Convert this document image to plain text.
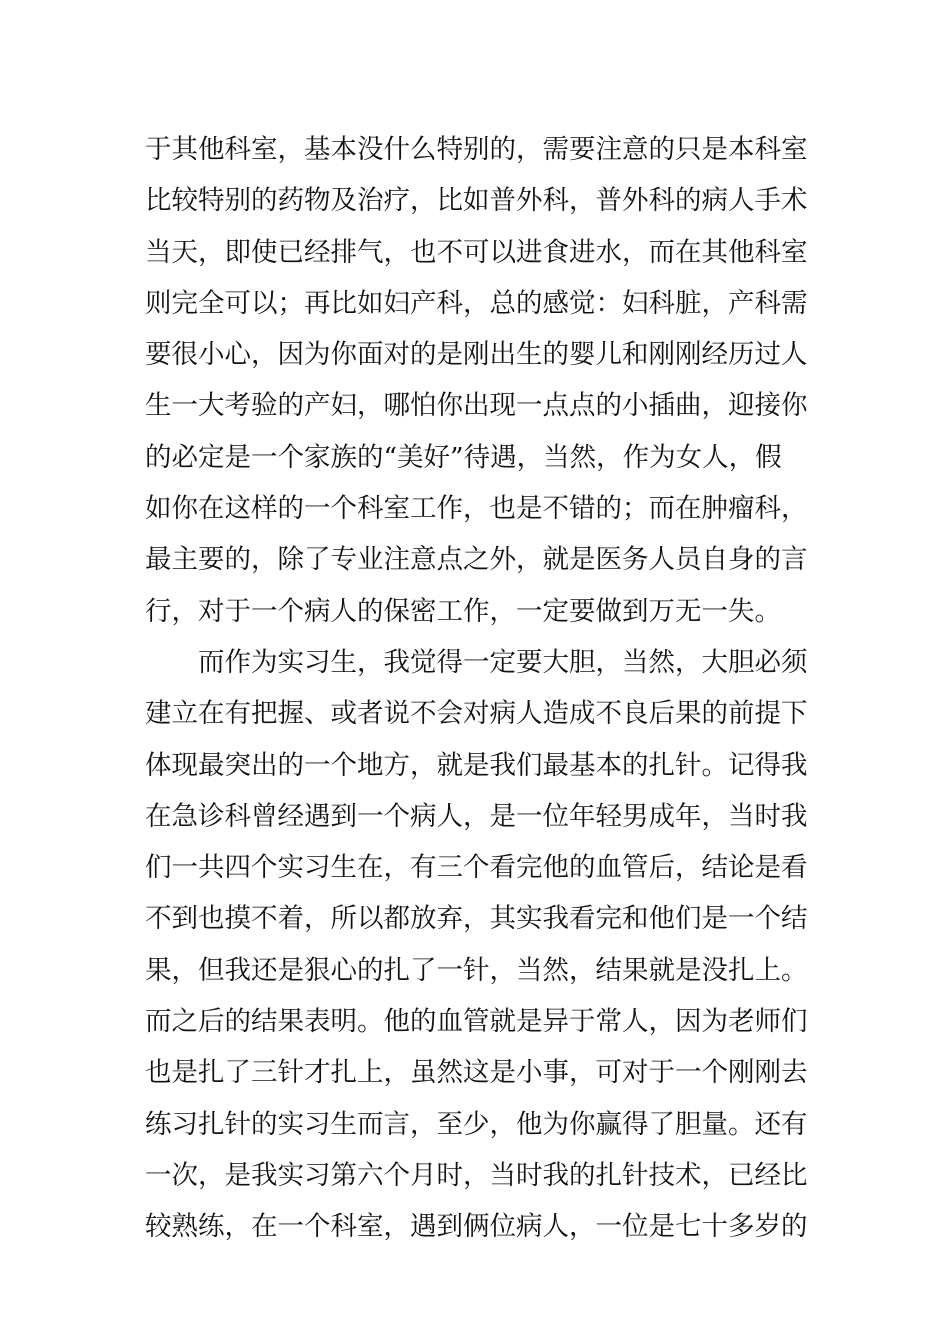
于其他科室，基本没什么特别的，需要注意的只是本科室
比较特别的药物及治疗，比如普外科，普外科的病人手术
当天，即使已经排气，也不可以进食进水，而在其他科室
则完全可以；再比如妇产科，总的感觉：妇科脏，产科需
要很小心，因为你面对的是刚出生的婴儿和刚刚经历过人
生一大考验的产妇，哪怕你出现一点点的小插曲，迎接你
的必定是一个家族的“美好”待遇，当然，作为女人，假
如你在这样的一个科室工作，也是不错的；而在肿瘤科，
最主要的，除了专业注意点之外，就是医务人员自身的言
行，对于一个病人的保密工作，一定要做到万无一失。
而作为实习生，我觉得一定要大胆，当然，大胆必须
建立在有把握、或者说不会对病人造成不良后果的前提下
体现最突出的一个地方，就是我们最基本的扎针。记得我
在急诊科曾经遇到一个病人，是一位年轻男成年，当时我
们一共四个实习生在，有三个看完他的血管后，结论是看
不到也摸不着，所以都放弃，其实我看完和他们是一个结
果，但我还是狠心的扎了一针，当然，结果就是没扎上。
而之后的结果表明。他的血管就是异于常人，因为老师们
也是扎了三针才扎上，虽然这是小事，可对于一个刚刚去
练习扎针的实习生而言，至少，他为你赢得了胆量。还有
一次，是我实习第六个月时，当时我的扎针技术，已经比
较熟练，在一个科室，遇到俩位病人，一位是七十多岁的
